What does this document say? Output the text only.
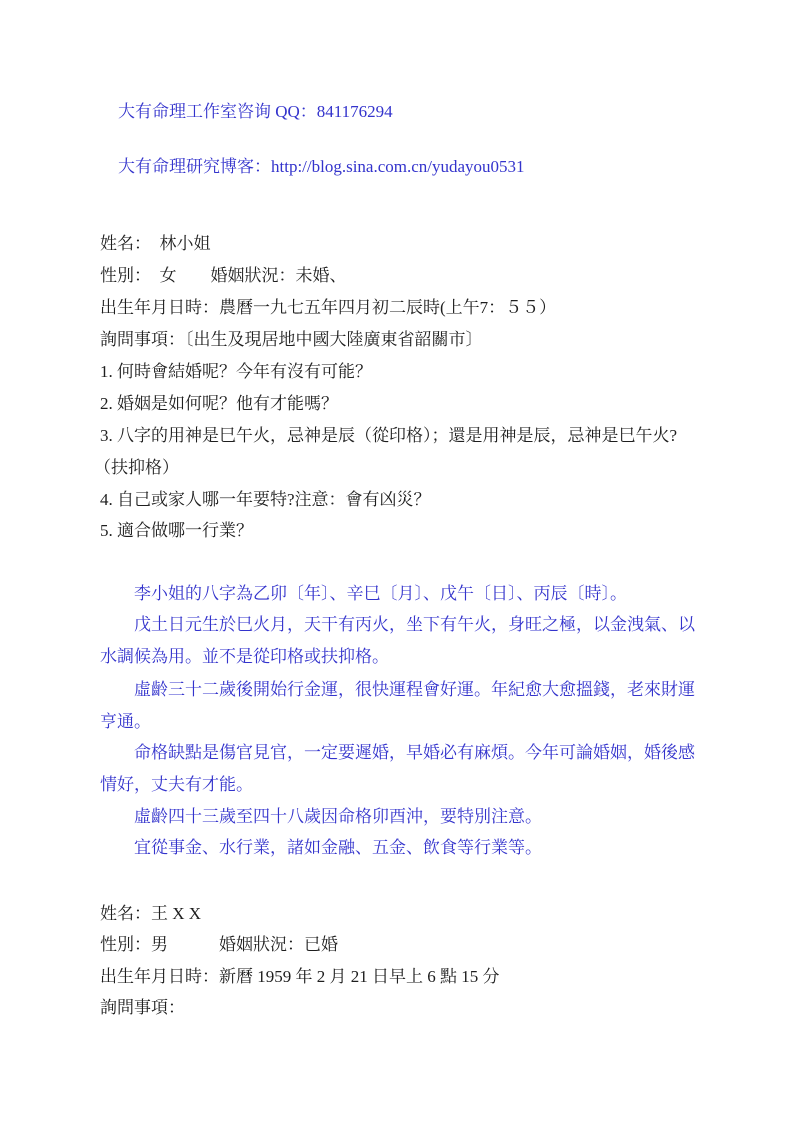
大有命理工作室咨询 QQ：841176294

大有命理研究博客：http://blog.sina.com.cn/yudayou0531

姓名：　林小姐

性別：　女　　婚姻狀況：未婚、

出生年月日時：農曆一九七五年四月初二辰時(上午7：５５）

詢問事項：〔出生及現居地中國大陸廣東省韶關市〕

1. 何時會結婚呢？今年有沒有可能？

2. 婚姻是如何呢？他有才能嗎？

3. 八字的用神是巳午火，忌神是辰（從印格）；還是用神是辰，忌神是巳午火?

（扶抑格）

4. 自己或家人哪一年要特?注意：會有凶災？

5. 適合做哪一行業？

李小姐的八字為乙卯〔年〕、辛巳〔月〕、戊午〔日〕、丙辰〔時〕。

戊土日元生於巳火月，天干有丙火，坐下有午火，身旺之極，以金洩氣、以

水調候為用。並不是從印格或扶抑格。

虛齡三十二歲後開始行金運，很快運程會好運。年紀愈大愈搵錢，老來財運

亨通。

命格缺點是傷官見官，一定要遲婚，早婚必有麻煩。今年可論婚姻，婚後感

情好，丈夫有才能。

虛齡四十三歲至四十八歲因命格卯酉沖，要特別注意。

宜從事金、水行業，諸如金融、五金、飲食等行業等。

姓名：王 X X

性別：男　　　婚姻狀況：已婚

出生年月日時：新曆 1959 年 2 月 21 日早上 6 點 15 分

詢問事項：
